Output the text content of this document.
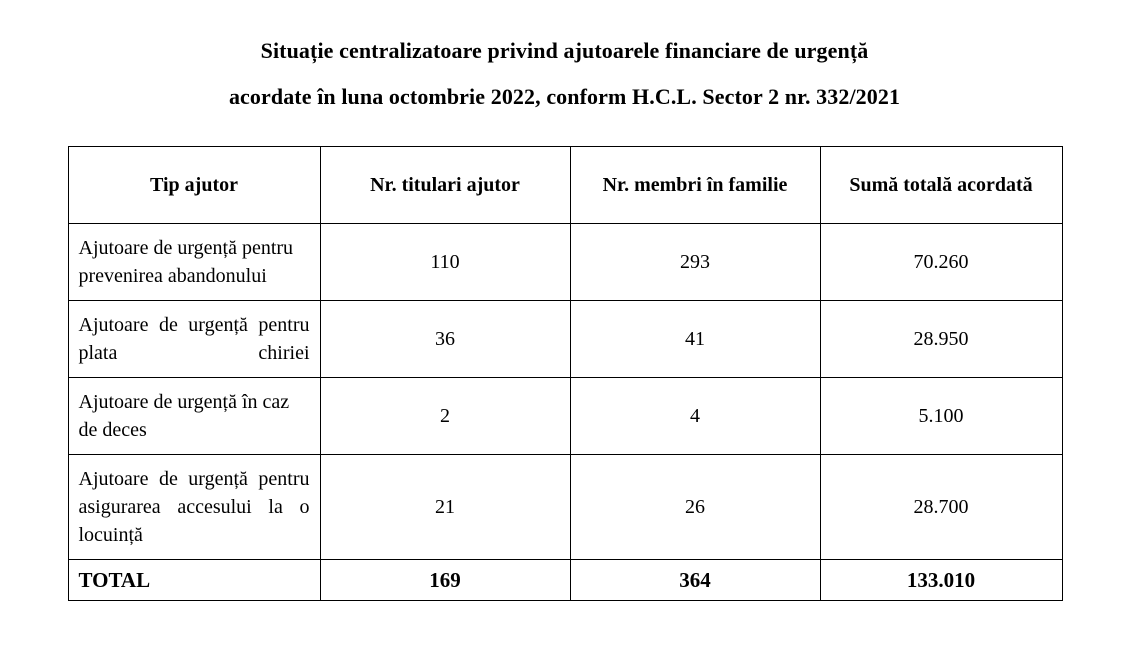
Situație centralizatoare privind ajutoarele financiare de urgență
acordate în luna octombrie 2022, conform H.C.L. Sector 2 nr. 332/2021
Tip ajutor	Nr. titulari ajutor	Nr. membri în familie	Sumă totală acordată
Ajutoare de urgență pentru prevenirea abandonului	110	293	70.260
Ajutoare de urgență pentru plata chiriei	36	41	28.950
Ajutoare de urgență în caz de deces	2	4	5.100
Ajutoare de urgență pentru asigurarea accesului la o locuință	21	26	28.700
TOTAL	169	364	133.010
